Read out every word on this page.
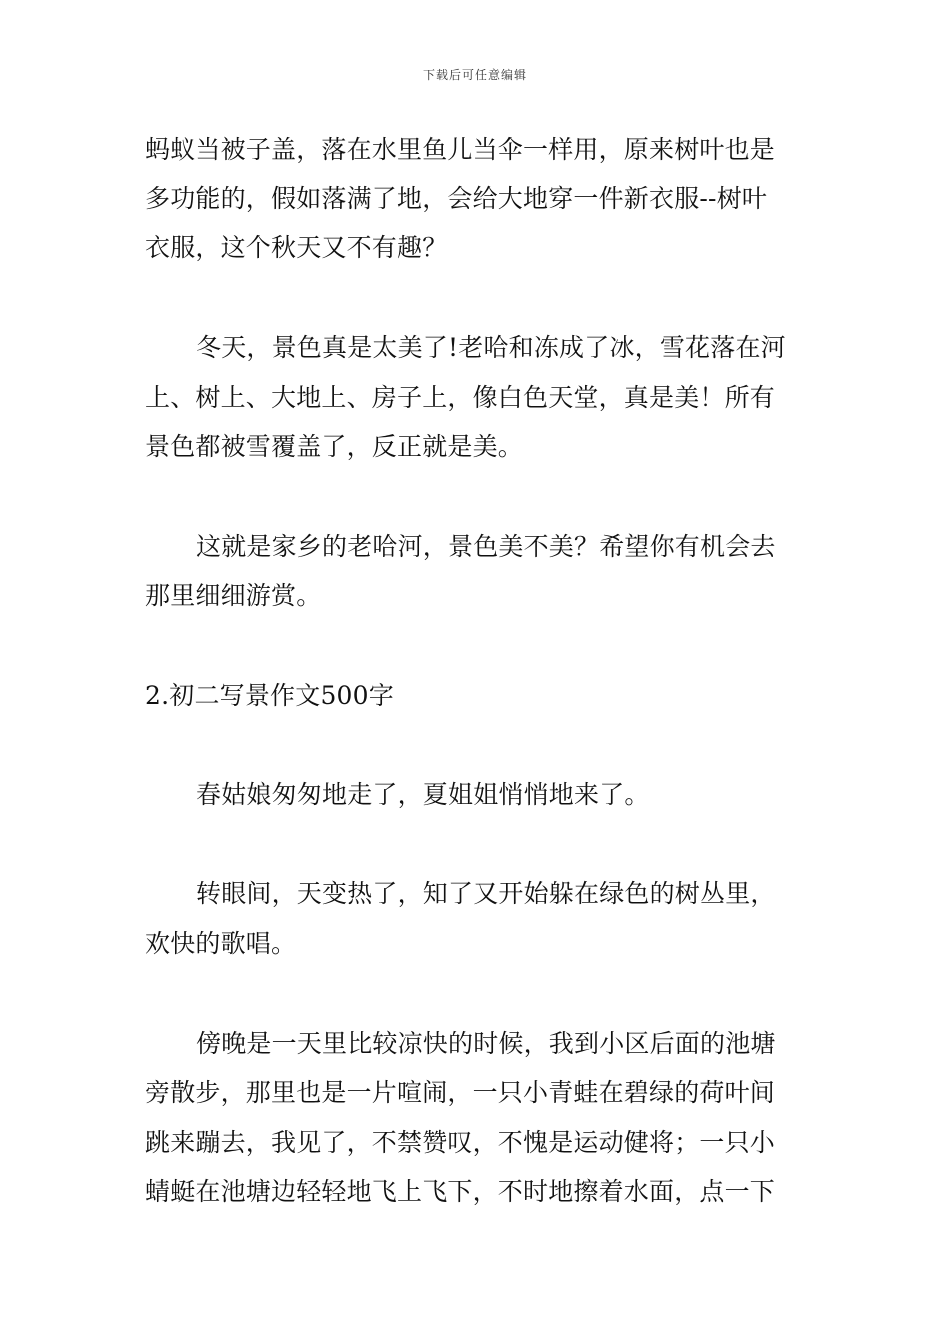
下载后可任意编辑
蚂蚁当被子盖，落在水里鱼儿当伞一样用，原来树叶也是
多功能的，假如落满了地，会给大地穿一件新衣服--树叶
衣服，这个秋天又不有趣？
冬天，景色真是太美了!老哈和冻成了冰，雪花落在河
上、树上、大地上、房子上，像白色天堂，真是美！所有
景色都被雪覆盖了，反正就是美。
这就是家乡的老哈河，景色美不美？希望你有机会去
那里细细游赏。
2.初二写景作文500字
春姑娘匆匆地走了，夏姐姐悄悄地来了。
转眼间，天变热了，知了又开始躲在绿色的树丛里，
欢快的歌唱。
傍晚是一天里比较凉快的时候，我到小区后面的池塘
旁散步，那里也是一片喧闹，一只小青蛙在碧绿的荷叶间
跳来蹦去，我见了，不禁赞叹，不愧是运动健将；一只小
蜻蜓在池塘边轻轻地飞上飞下，不时地擦着水面，点一下
